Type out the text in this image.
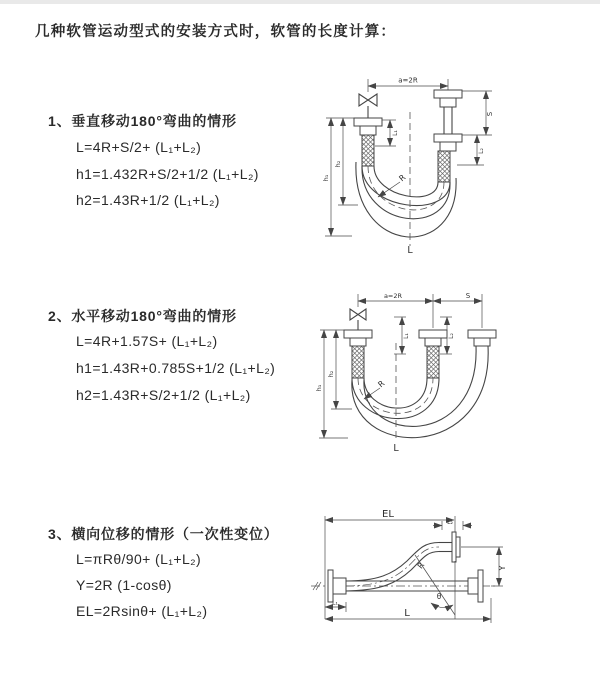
几种软管运动型式的安装方式时，软管的长度计算：
1、垂直移动180°弯曲的情形
L=4R+S/2+ (L₁+L₂)
h1=1.432R+S/2+1/2 (L₁+L₂)
h2=1.43R+1/2 (L₁+L₂)
2、水平移动180°弯曲的情形
L=4R+1.57S+ (L₁+L₂)
h1=1.43R+0.785S+1/2 (L₁+L₂)
h2=1.43R+S/2+1/2 (L₁+L₂)
3、横向位移的情形（一次性变位）
L=πRθ/90+ (L₁+L₂)
Y=2R (1-cosθ)
EL=2Rsinθ+ (L₁+L₂)
a=2R
R
L
h₁
h₂
L₁
S
L₂
a=2R	S
R
L
h₁
h₂
L₁	L₂
EL
L₂
Y
R
θ
L
L₁
